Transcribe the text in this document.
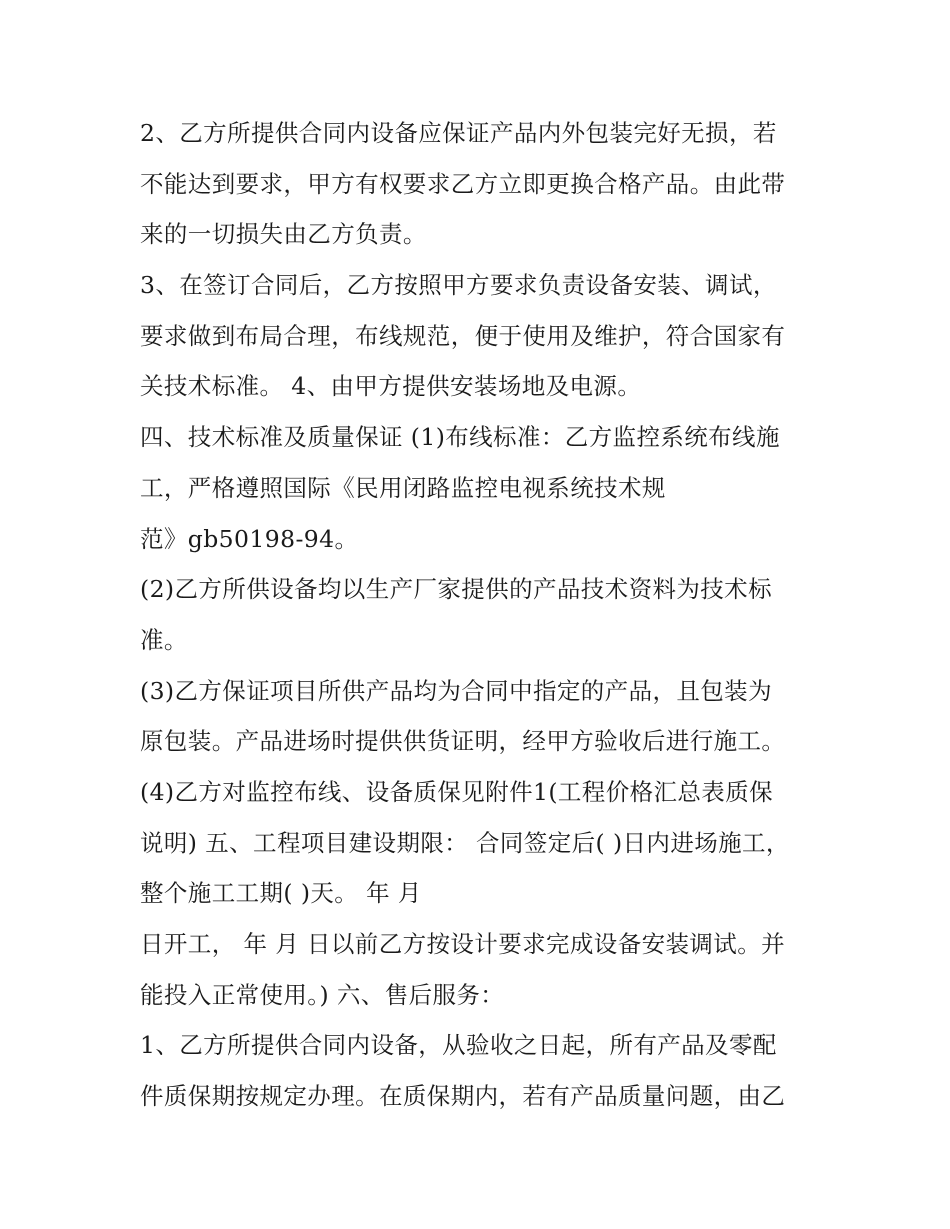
2、乙方所提供合同内设备应保证产品内外包装完好无损，若
不能达到要求，甲方有权要求乙方立即更换合格产品。由此带
来的一切损失由乙方负责。
3、在签订合同后，乙方按照甲方要求负责设备安装、调试，
要求做到布局合理，布线规范，便于使用及维护，符合国家有
关技术标准。 4、由甲方提供安装场地及电源。
四、技术标准及质量保证 (1)布线标准：乙方监控系统布线施
工，严格遵照国际《民用闭路监控电视系统技术规
范》gb50198-94。
(2)乙方所供设备均以生产厂家提供的产品技术资料为技术标
准。
(3)乙方保证项目所供产品均为合同中指定的产品，且包装为
原包装。产品进场时提供供货证明，经甲方验收后进行施工。
(4)乙方对监控布线、设备质保见附件1(工程价格汇总表质保
说明) 五、工程项目建设期限： 合同签定后( )日内进场施工，
整个施工工期( )天。 年 月
日开工， 年 月 日以前乙方按设计要求完成设备安装调试。并
能投入正常使用。) 六、售后服务：
1、乙方所提供合同内设备，从验收之日起，所有产品及零配
件质保期按规定办理。在质保期内，若有产品质量问题，由乙
